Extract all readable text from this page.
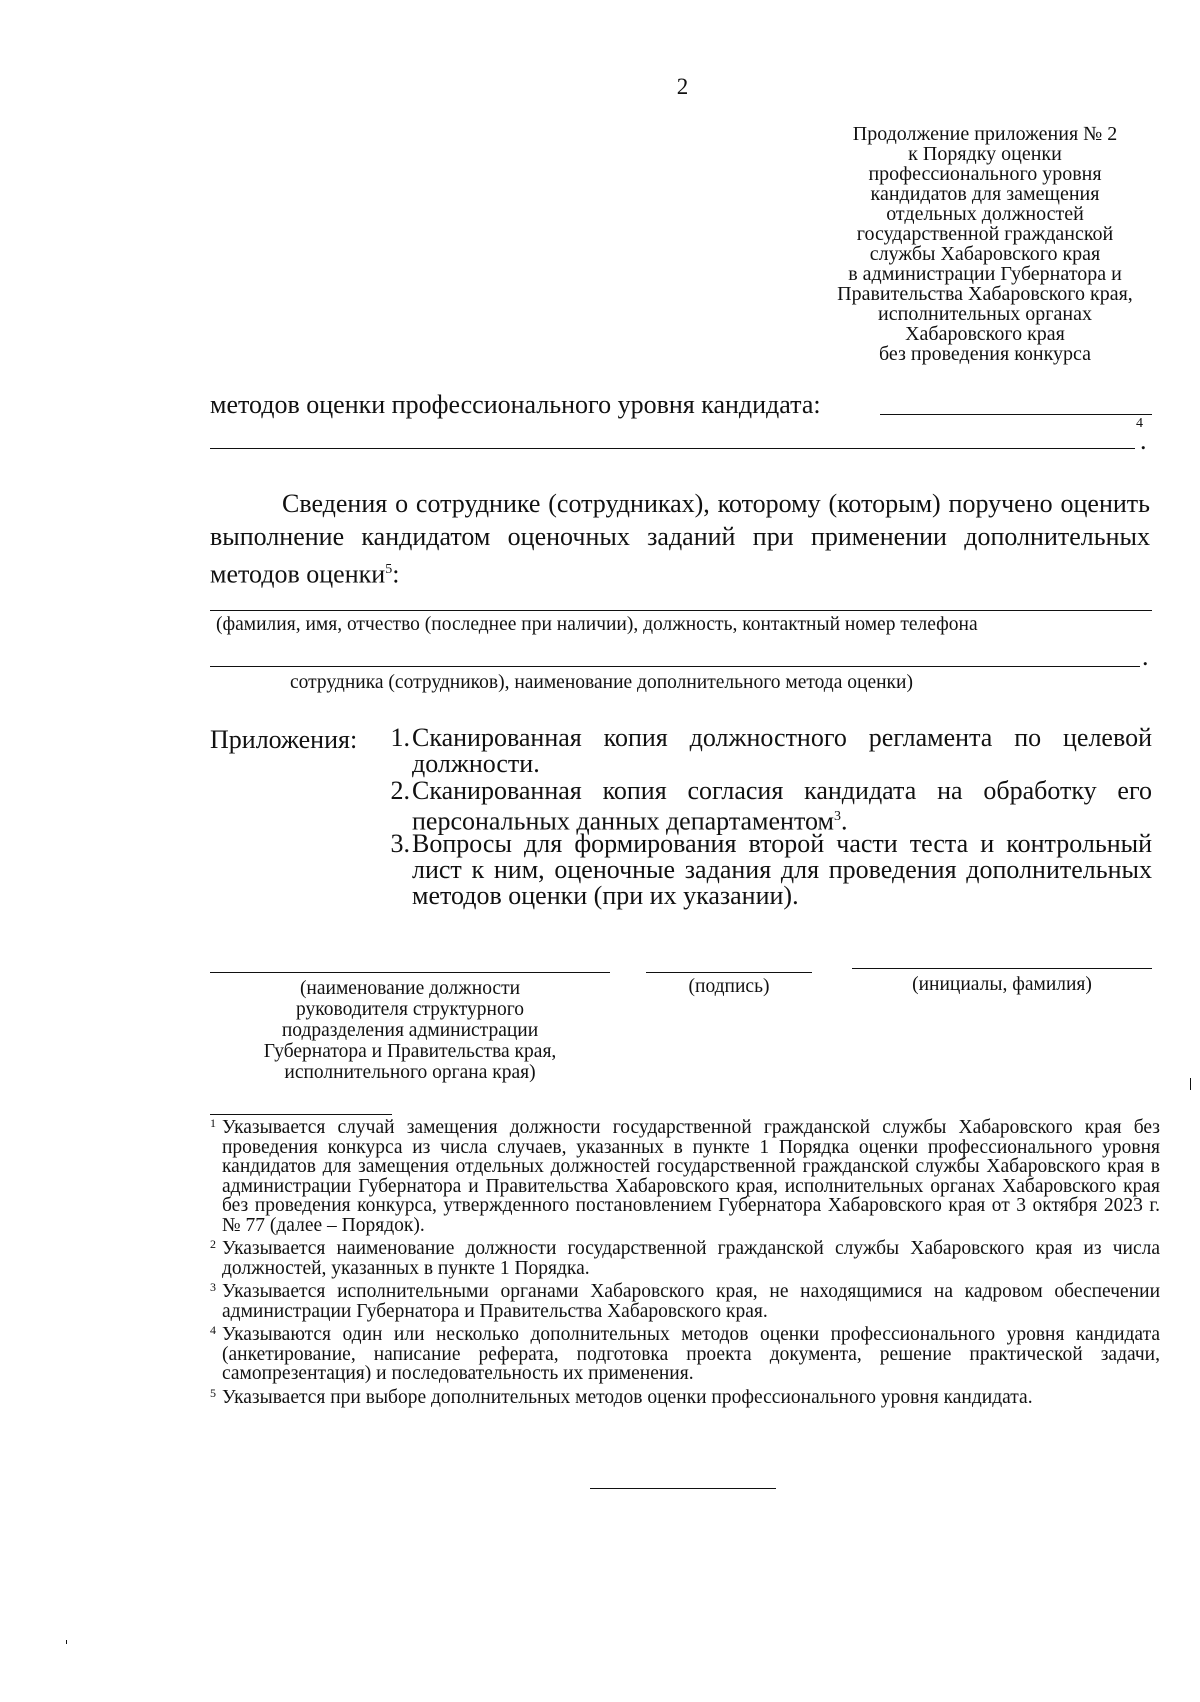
2
Продолжение приложения № 2
к Порядку оценки
профессионального уровня
кандидатов для замещения
отдельных должностей
государственной гражданской
службы Хабаровского края
в администрации Губернатора и
Правительства Хабаровского края,
исполнительных органах
Хабаровского края
без проведения конкурса
методов оценки профессионального уровня кандидата:
4
.
Сведения о сотруднике (сотрудниках), которому (которым) поручено оценить выполнение кандидатом оценочных заданий при применении дополнительных методов оценки$^5$:
(фамилия, имя, отчество (последнее при наличии), должность, контактный номер телефона
.
сотрудника (сотрудников), наименование дополнительного метода оценки)
Приложения:	1. Сканированная копия должностного регламента по целевой должности.
2. Сканированная копия согласия кандидата на обработку его персональных данных департаментом$^3$.
3. Вопросы для формирования второй части теста и контрольный лист к ним, оценочные задания для проведения дополнительных методов оценки (при их указании).
(наименование должности
руководителя структурного
подразделения администрации
Губернатора и Правительства края,
исполнительного органа края)
(подпись)	(инициалы, фамилия)
1 Указывается случай замещения должности государственной гражданской службы Хабаровского края без проведения конкурса из числа случаев, указанных в пункте 1 Порядка оценки профессионального уровня кандидатов для замещения отдельных должностей государственной гражданской службы Хабаровского края в администрации Губернатора и Правительства Хабаровского края, исполнительных органах Хабаровского края без проведения конкурса, утвержденного постановлением Губернатора Хабаровского края от 3 октября 2023 г. № 77 (далее – Порядок).
2 Указывается наименование должности государственной гражданской службы Хабаровского края из числа должностей, указанных в пункте 1 Порядка.
3 Указывается исполнительными органами Хабаровского края, не находящимися на кадровом обеспечении администрации Губернатора и Правительства Хабаровского края.
4 Указываются один или несколько дополнительных методов оценки профессионального уровня кандидата (анкетирование, написание реферата, подготовка проекта документа, решение практической задачи, самопрезентация) и последовательность их применения.
5 Указывается при выборе дополнительных методов оценки профессионального уровня кандидата.
